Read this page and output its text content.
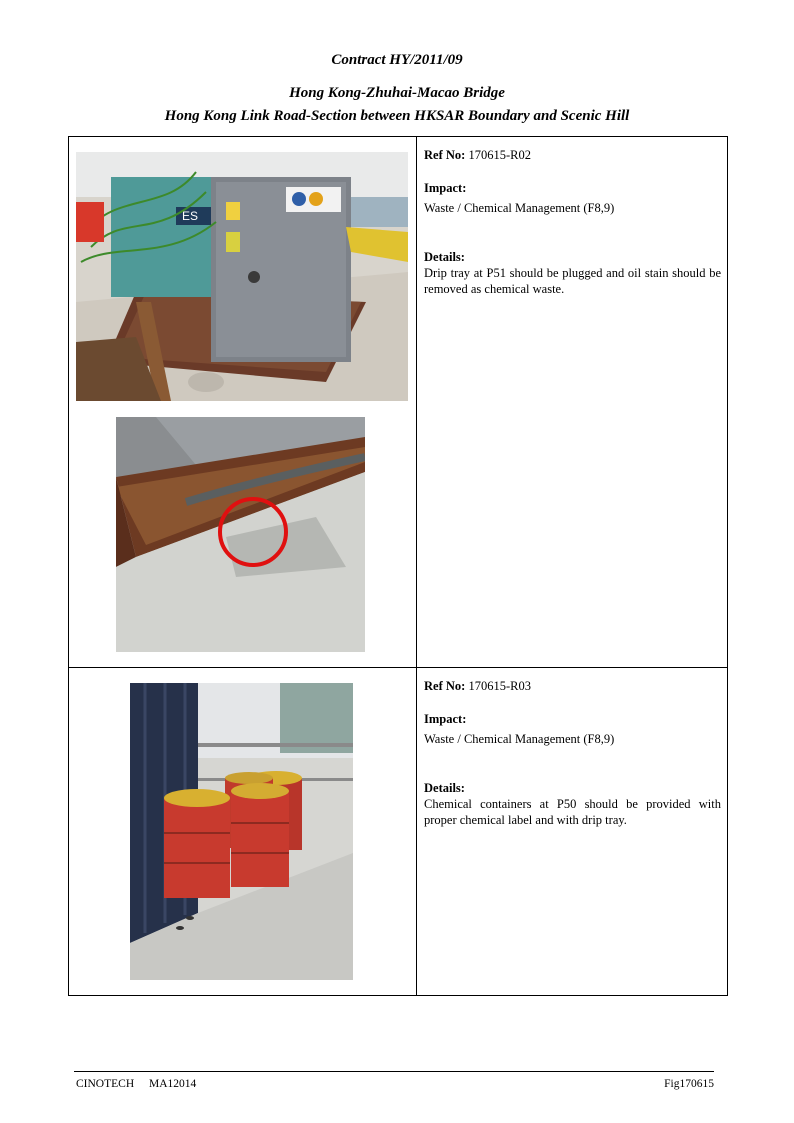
Contract HY/2011/09
Hong Kong-Zhuhai-Macao Bridge
Hong Kong Link Road-Section between HKSAR Boundary and Scenic Hill
ES

Ref No: 170615-R02

Impact:

Waste / Chemical Management (F8,9)

Details:

Drip tray at P51 should be plugged and oil stain should be removed as chemical waste.

Ref No: 170615-R03

Impact:

Waste / Chemical Management (F8,9)

Details:

Chemical containers at P50 should be provided with proper chemical label and with drip tray.

CINOTECH MA12014	Fig170615
